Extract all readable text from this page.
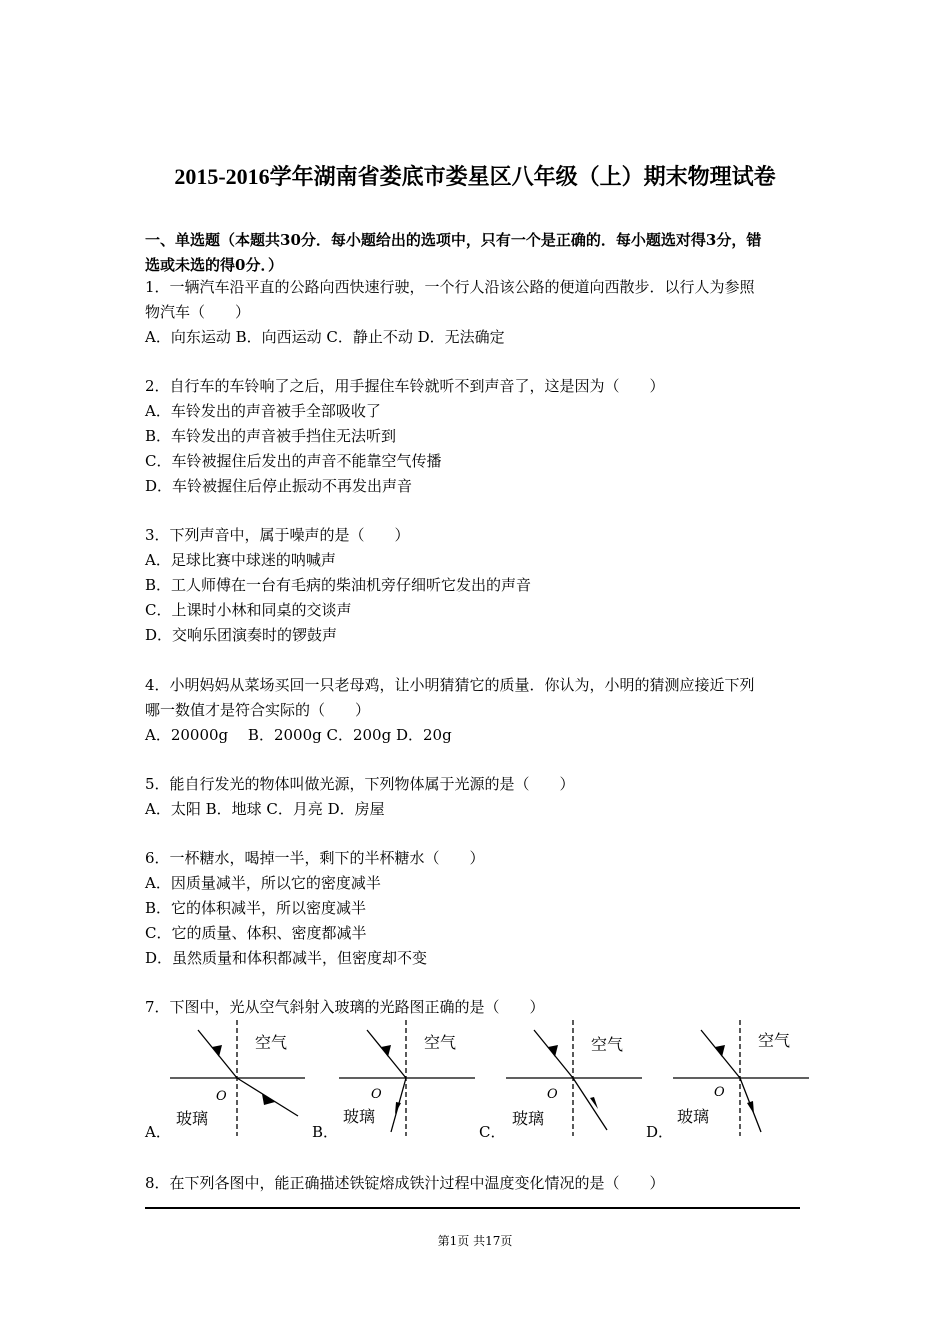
2015-2016学年湖南省娄底市娄星区八年级（上）期末物理试卷
一、单选题（本题共30分．每小题给出的选项中，只有一个是正确的．每小题选对得3分，错
选或未选的得0分．）
1．一辆汽车沿平直的公路向西快速行驶，一个行人沿该公路的便道向西散步．以行人为参照
物汽车（　　）
A．向东运动 B．向西运动 C．静止不动 D．无法确定
2．自行车的车铃响了之后，用手握住车铃就听不到声音了，这是因为（　　）
A．车铃发出的声音被手全部吸收了
B．车铃发出的声音被手挡住无法听到
C．车铃被握住后发出的声音不能靠空气传播
D．车铃被握住后停止振动不再发出声音
3．下列声音中，属于噪声的是（　　）
A．足球比赛中球迷的呐喊声
B．工人师傅在一台有毛病的柴油机旁仔细听它发出的声音
C．上课时小林和同桌的交谈声
D．交响乐团演奏时的锣鼓声
4．小明妈妈从菜场买回一只老母鸡，让小明猜猜它的质量．你认为，小明的猜测应接近下列
哪一数值才是符合实际的（　　）
A．20000g　 B．2000g C．200g D．20g
5．能自行发光的物体叫做光源，下列物体属于光源的是（　　）
A．太阳 B．地球 C．月亮 D．房屋
6．一杯糖水，喝掉一半，剩下的半杯糖水（　　）
A．因质量减半，所以它的密度减半
B．它的体积减半，所以密度减半
C．它的质量、体积、密度都减半
D．虽然质量和体积都减半，但密度却不变
7．下图中，光从空气斜射入玻璃的光路图正确的是（　　）
空气
O
玻璃
A．
空气
O
玻璃
B．
空气
O
玻璃
C．
空气
O
玻璃
D．
8．在下列各图中，能正确描述铁锭熔成铁汁过程中温度变化情况的是（　　）
第1页 共17页
